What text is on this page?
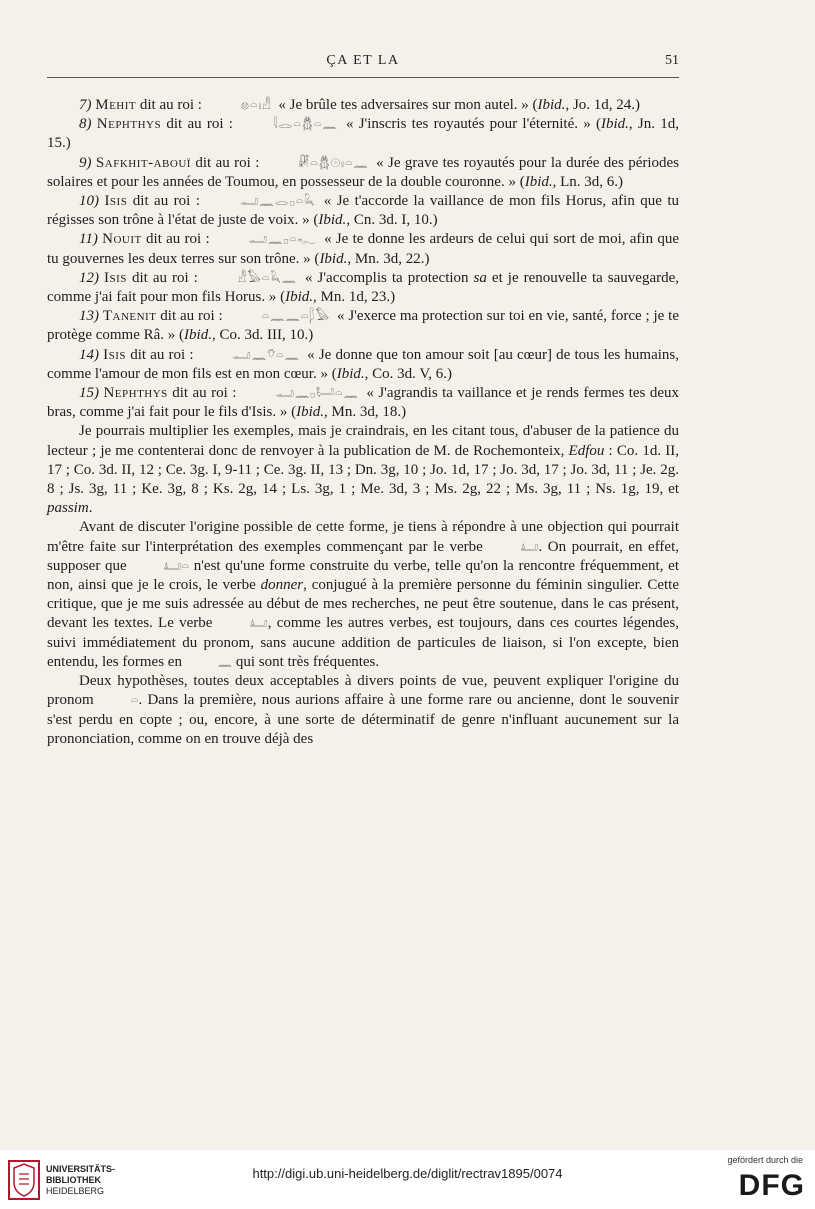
ÇA ET LA	51

7) Mehit dit au roi :	𓊖𓏏𓏤𓀭 « Je brûle tes adversaires sur mon autel. » (Ibid., Jo. 1d, 24.)

8) Nephthys dit au roi :	𓇋𓂋𓏏𓆣𓏏𓈖 « J'inscris tes royautés pour l'éternité. » (Ibid., Jn. 1d, 15.)

9) Safkhit-abouï dit au roi :	𓏞𓏏𓆣𓇳𓏤𓏏𓈖 « Je grave tes royautés pour la durée des périodes solaires et pour les années de Toumou, en possesseur de la double couronne. » (Ibid., Ln. 3d, 6.)

10) Isis dit au roi :	𓂝𓈖𓂋𓊪𓏏𓆗 « Je t'accorde la vaillance de mon fils Horus, afin que tu régisses son trône à l'état de juste de voix. » (Ibid., Cn. 3d. I, 10.)

11) Nouit dit au roi :	𓂝𓈖𓊪𓏏𓆑 « Je te donne les ardeurs de celui qui sort de moi, afin que tu gouvernes les deux terres sur son trône. » (Ibid., Mn. 3d, 22.)

12) Isis dit au roi :	𓀭𓅃𓏏𓆗𓈖 « J'accomplis ta protection sa et je renouvelle ta sauvegarde, comme j'ai fait pour mon fils Horus. » (Ibid., Mn. 1d, 23.)

13) Tanenit dit au roi :	𓏏𓈖𓈖𓏏𓆄𓅃 « J'exerce ma protection sur toi en vie, santé, force ; je te protège comme Râ. » (Ibid., Co. 3d. III, 10.)

14) Isis dit au roi :	𓂝𓈖𓄣𓏏𓈖 « Je donne que ton amour soit [au cœur] de tous les humains, comme l'amour de mon fils est en mon cœur. » (Ibid., Co. 3d. V, 6.)

15) Nephthys dit au roi :	𓂝𓈖𓊪𓂡𓏏𓈖 « J'agrandis ta vaillance et je rends fermes tes deux bras, comme j'ai fait pour le fils d'Isis. » (Ibid., Mn. 3d, 18.)

Je pourrais multiplier les exemples, mais je craindrais, en les citant tous, d'abuser de la patience du lecteur ; je me contenterai donc de renvoyer à la publication de M. de Rochemonteix, Edfou : Co. 1d. II, 17 ; Co. 3d. II, 12 ; Ce. 3g. I, 9-11 ; Ce. 3g. II, 13 ; Dn. 3g, 10 ; Jo. 1d, 17 ; Jo. 3d, 17 ; Jo. 3d, 11 ; Je. 2g. 8 ; Js. 3g, 11 ; Ke. 3g, 8 ; Ks. 2g, 14 ; Ls. 3g, 1 ; Me. 3d, 3 ; Ms. 2g, 22 ; Ms. 3g, 11 ; Ns. 1g, 19, et passim.

Avant de discuter l'origine possible de cette forme, je tiens à répondre à une objection qui pourrait m'être faite sur l'interprétation des exemples commençant par le verbe	𓂞. On pourrait, en effet, supposer que	𓂞𓏏 n'est qu'une forme construite du verbe, telle qu'on la rencontre fréquemment, et non, ainsi que je le crois, le verbe donner, conjugué à la première personne du féminin singulier. Cette critique, que je me suis adressée au début de mes recherches, ne peut être soutenue, dans le cas présent, devant les textes. Le verbe	𓂞, comme les autres verbes, est toujours, dans ces courtes légendes, suivi immédiatement du pronom, sans aucune addition de particules de liaison, si l'on excepte, bien entendu, les formes en	𓈖 qui sont très fréquentes.

Deux hypothèses, toutes deux acceptables à divers points de vue, peuvent expliquer l'origine du pronom	𓏏. Dans la première, nous aurions affaire à une forme rare ou ancienne, dont le souvenir s'est perdu en copte ; ou, encore, à une sorte de déterminatif de genre n'influant aucunement sur la prononciation, comme on en trouve déjà des

UNIVERSITÄTS-
BIBLIOTHEK
HEIDELBERG
http://digi.ub.uni-heidelberg.de/diglit/rectrav1895/0074
gefördert durch die
DFG
